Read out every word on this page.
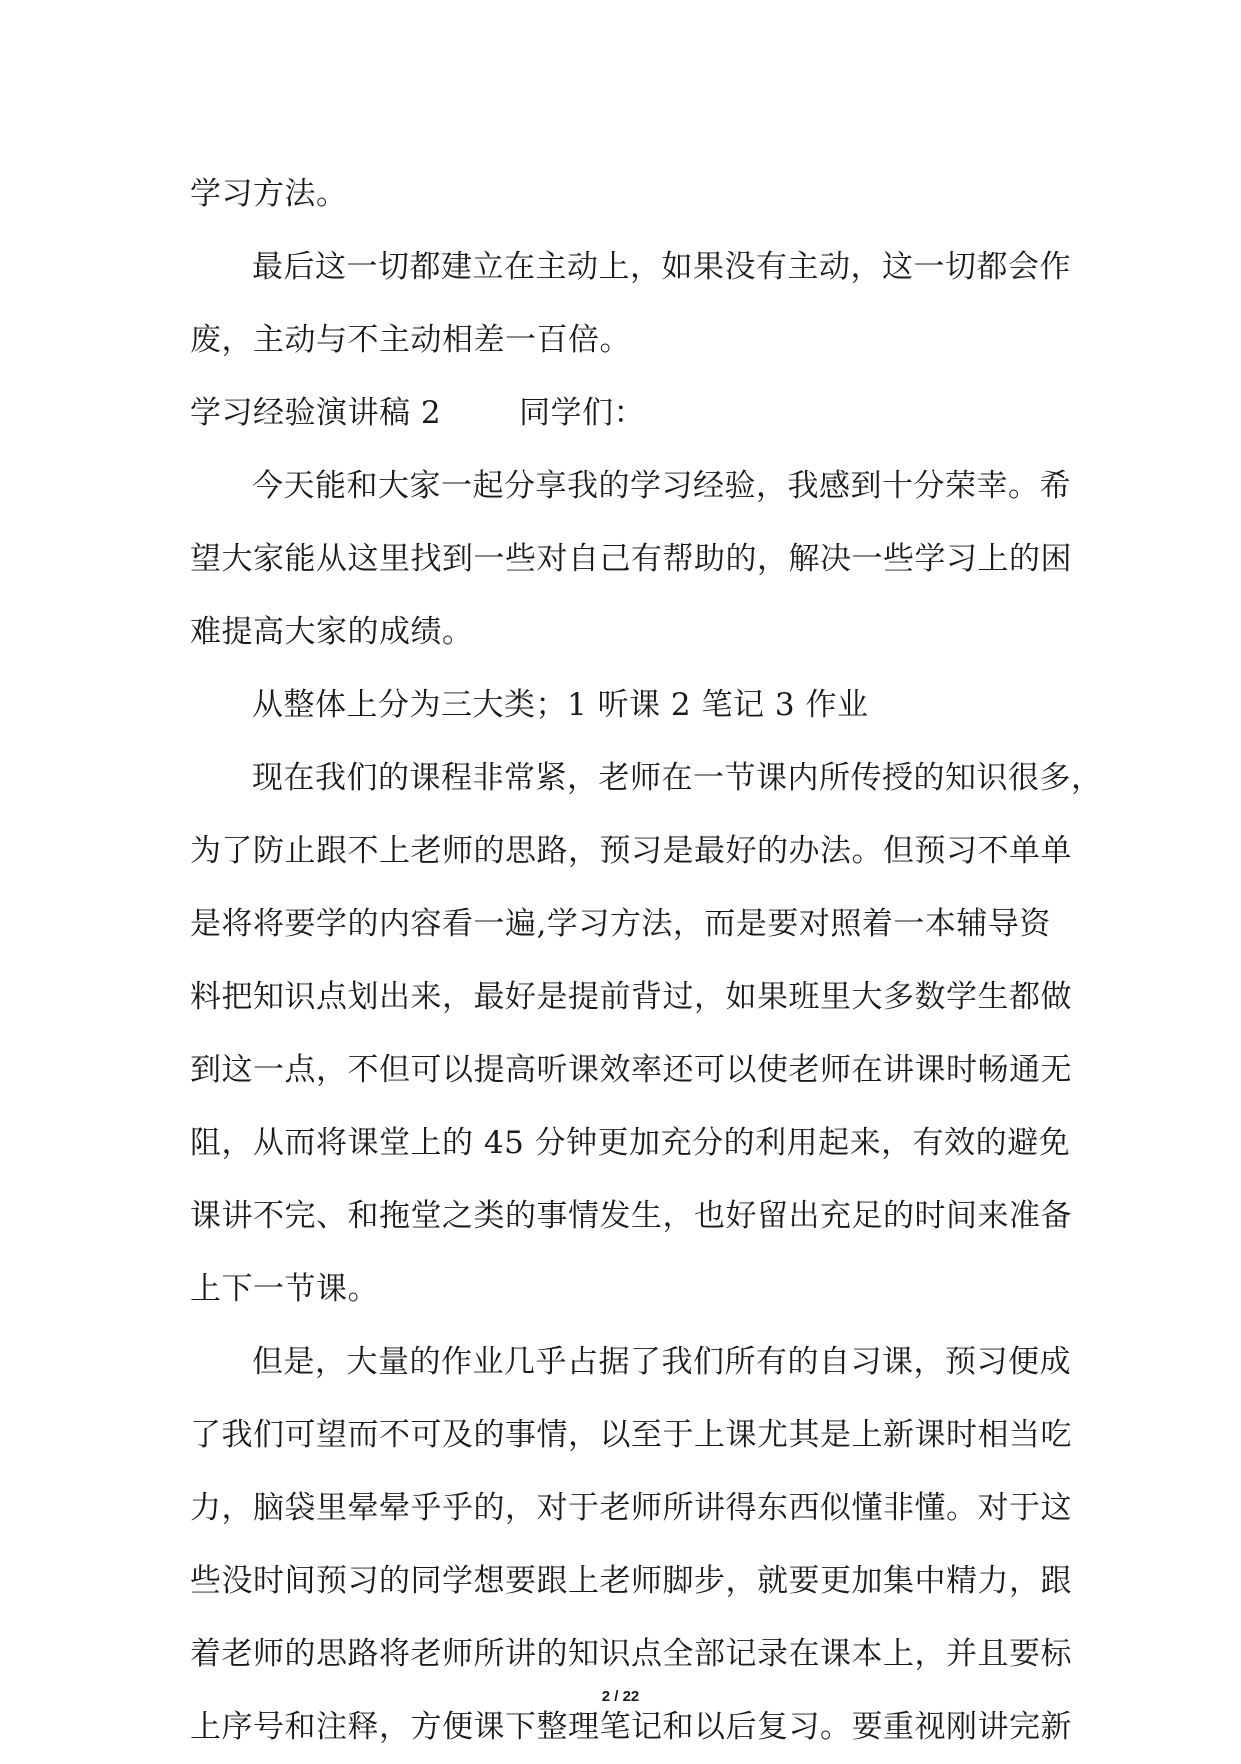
学习方法。
最后这一切都建立在主动上，如果没有主动，这一切都会作
废，主动与不主动相差一百倍。
学习经验演讲稿 2	同学们：
今天能和大家一起分享我的学习经验，我感到十分荣幸。希
望大家能从这里找到一些对自己有帮助的，解决一些学习上的困
难提高大家的成绩。
从整体上分为三大类；1 听课 2 笔记 3 作业
现在我们的课程非常紧，老师在一节课内所传授的知识很多，
为了防止跟不上老师的思路，预习是最好的办法。但预习不单单
是将将要学的内容看一遍,学习方法，而是要对照着一本辅导资
料把知识点划出来，最好是提前背过，如果班里大多数学生都做
到这一点，不但可以提高听课效率还可以使老师在讲课时畅通无
阻，从而将课堂上的 45 分钟更加充分的利用起来，有效的避免
课讲不完、和拖堂之类的事情发生，也好留出充足的时间来准备
上下一节课。
但是，大量的作业几乎占据了我们所有的自习课，预习便成
了我们可望而不可及的事情，以至于上课尤其是上新课时相当吃
力，脑袋里晕晕乎乎的，对于老师所讲得东西似懂非懂。对于这
些没时间预习的同学想要跟上老师脚步，就要更加集中精力，跟
着老师的思路将老师所讲的知识点全部记录在课本上，并且要标
上序号和注释，方便课下整理笔记和以后复习。要重视刚讲完新
2 / 22
